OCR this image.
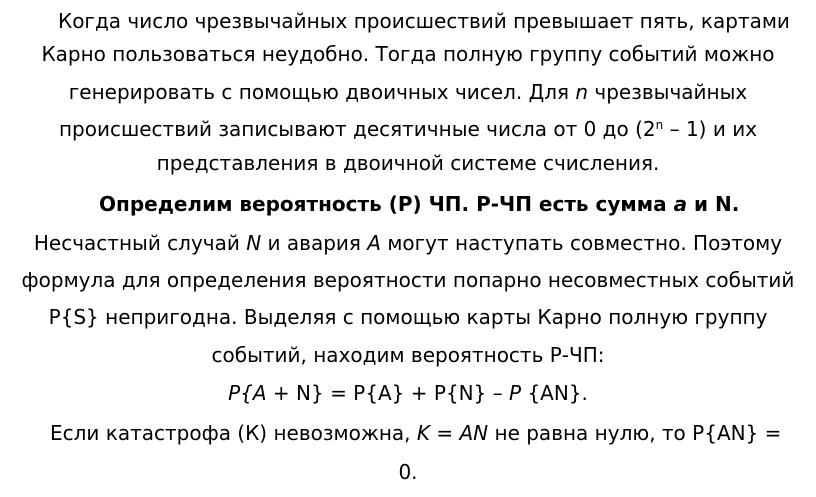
Когда число чрезвычайных происшествий превышает пять, картами
Карно пользоваться неудобно. Тогда полную группу событий можно
генерировать с помощью двоичных чисел. Для n чрезвычайных
происшествий записывают десятичные числа от 0 до (2$^n$ – 1) и их
представления в двоичной системе счисления.
Определим вероятность (Р) ЧП. Р-ЧП есть сумма a и N.
Несчастный случай N и авария A могут наступать совместно. Поэтому
формула для определения вероятности попарно несовместных событий
P{S} непригодна. Выделяя с помощью карты Карно полную группу
событий, находим вероятность Р-ЧП:
P{A + N} = P{A} + P{N} – P {AN}.
Если катастрофа (К) невозможна, K = AN не равна нулю, то P{AN} =
0.
